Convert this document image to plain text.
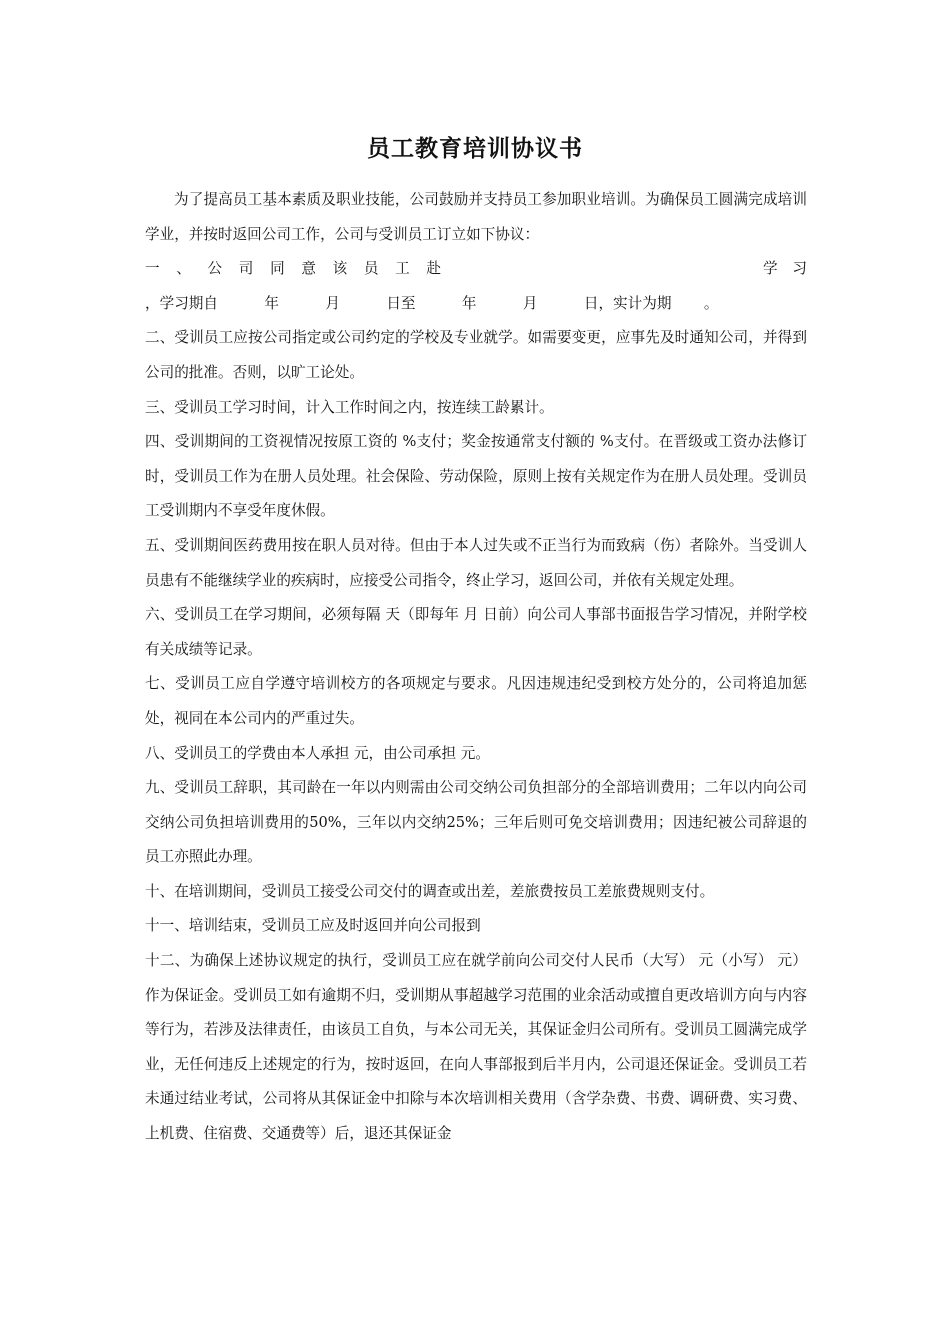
员工教育培训协议书

为了提高员工基本素质及职业技能，公司鼓励并支持员工参加职业培训。为确保员工圆满完成培训学业，并按时返回公司工作，公司与受训员工订立如下协议：

一 、 公 司 同 意 该 员 工 赴	学 习

，学习期自          年          月          日至          年          月          日，实计为期       。

二、受训员工应按公司指定或公司约定的学校及专业就学。如需要变更，应事先及时通知公司，并得到公司的批准。否则，以旷工论处。

三、受训员工学习时间，计入工作时间之内，按连续工龄累计。

四、受训期间的工资视情况按原工资的 %支付；奖金按通常支付额的 %支付。在晋级或工资办法修订时，受训员工作为在册人员处理。社会保险、劳动保险，原则上按有关规定作为在册人员处理。受训员工受训期内不享受年度休假。

五、受训期间医药费用按在职人员对待。但由于本人过失或不正当行为而致病（伤）者除外。当受训人员患有不能继续学业的疾病时，应接受公司指令，终止学习，返回公司，并依有关规定处理。

六、受训员工在学习期间，必须每隔 天（即每年 月 日前）向公司人事部书面报告学习情况，并附学校有关成绩等记录。

七、受训员工应自学遵守培训校方的各项规定与要求。凡因违规违纪受到校方处分的，公司将追加惩处，视同在本公司内的严重过失。

八、受训员工的学费由本人承担 元，由公司承担 元。

九、受训员工辞职，其司龄在一年以内则需由公司交纳公司负担部分的全部培训费用；二年以内向公司交纳公司负担培训费用的50%，三年以内交纳25%；三年后则可免交培训费用；因违纪被公司辞退的员工亦照此办理。

十、在培训期间，受训员工接受公司交付的调查或出差，差旅费按员工差旅费规则支付。

十一、培训结束，受训员工应及时返回并向公司报到

十二、为确保上述协议规定的执行，受训员工应在就学前向公司交付人民币（大写） 元（小写） 元）作为保证金。受训员工如有逾期不归，受训期从事超越学习范围的业余活动或擅自更改培训方向与内容等行为，若涉及法律责任，由该员工自负，与本公司无关，其保证金归公司所有。受训员工圆满完成学业，无任何违反上述规定的行为，按时返回，在向人事部报到后半月内，公司退还保证金。受训员工若未通过结业考试，公司将从其保证金中扣除与本次培训相关费用（含学杂费、书费、调研费、实习费、上机费、住宿费、交通费等）后，退还其保证金
